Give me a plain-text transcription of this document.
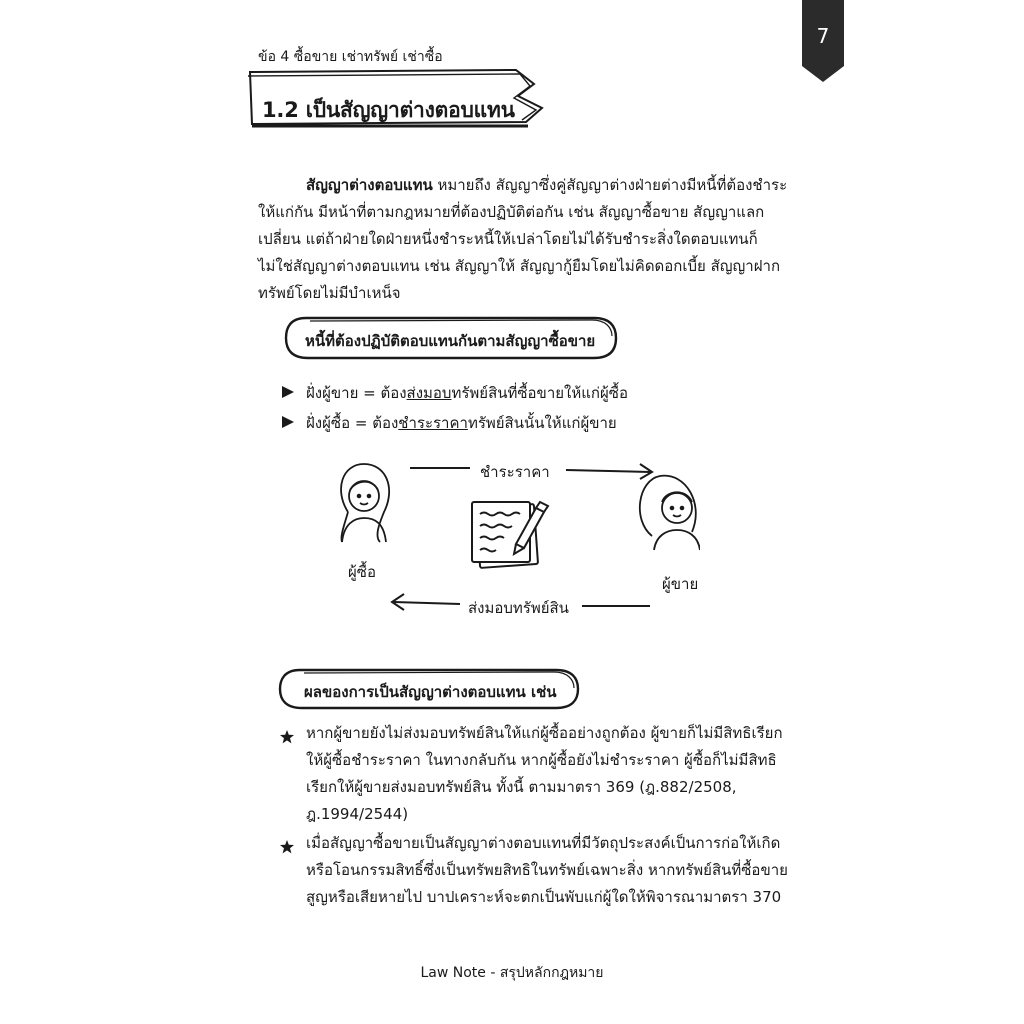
7
ข้อ 4 ซื้อขาย เช่าทรัพย์ เช่าซื้อ
1.2 เป็นสัญญาต่างตอบแทน
สัญญาต่างตอบแทน หมายถึง สัญญาซึ่งคู่สัญญาต่างฝ่ายต่างมีหนี้ที่ต้องชำระให้แก่กัน มีหน้าที่ตามกฎหมายที่ต้องปฏิบัติต่อกัน เช่น สัญญาซื้อขาย สัญญาแลกเปลี่ยน แต่ถ้าฝ่ายใดฝ่ายหนึ่งชำระหนี้ให้เปล่าโดยไม่ได้รับชำระสิ่งใดตอบแทนก็ไม่ใช่สัญญาต่างตอบแทน เช่น สัญญาให้ สัญญากู้ยืมโดยไม่คิดดอกเบี้ย สัญญาฝากทรัพย์โดยไม่มีบำเหน็จ
หนี้ที่ต้องปฏิบัติตอบแทนกันตามสัญญาซื้อขาย
ฝั่งผู้ขาย = ต้อง ส่งมอบ ทรัพย์สินที่ซื้อขายให้แก่ผู้ซื้อ
ฝั่งผู้ซื้อ = ต้อง ชำระราคา ทรัพย์สินนั้นให้แก่ผู้ขาย
ชำระราคา
ผู้ซื้อ
ผู้ขาย
ส่งมอบทรัพย์สิน
ผลของการเป็นสัญญาต่างตอบแทน เช่น
หากผู้ขายยังไม่ส่งมอบทรัพย์สินให้แก่ผู้ซื้ออย่างถูกต้อง ผู้ขายก็ไม่มีสิทธิเรียกให้ผู้ซื้อชำระราคา ในทางกลับกัน หากผู้ซื้อยังไม่ชำระราคา ผู้ซื้อก็ไม่มีสิทธิเรียกให้ผู้ขายส่งมอบทรัพย์สิน ทั้งนี้ ตามมาตรา 369 (ฎ.882/2508, ฎ.1994/2544)
เมื่อสัญญาซื้อขายเป็นสัญญาต่างตอบแทนที่มีวัตถุประสงค์เป็นการก่อให้เกิดหรือโอนกรรมสิทธิ์ซึ่งเป็นทรัพยสิทธิในทรัพย์เฉพาะสิ่ง หากทรัพย์สินที่ซื้อขายสูญหรือเสียหายไป บาปเคราะห์จะตกเป็นพับแก่ผู้ใดให้พิจารณามาตรา 370
Law Note - สรุปหลักกฎหมาย
